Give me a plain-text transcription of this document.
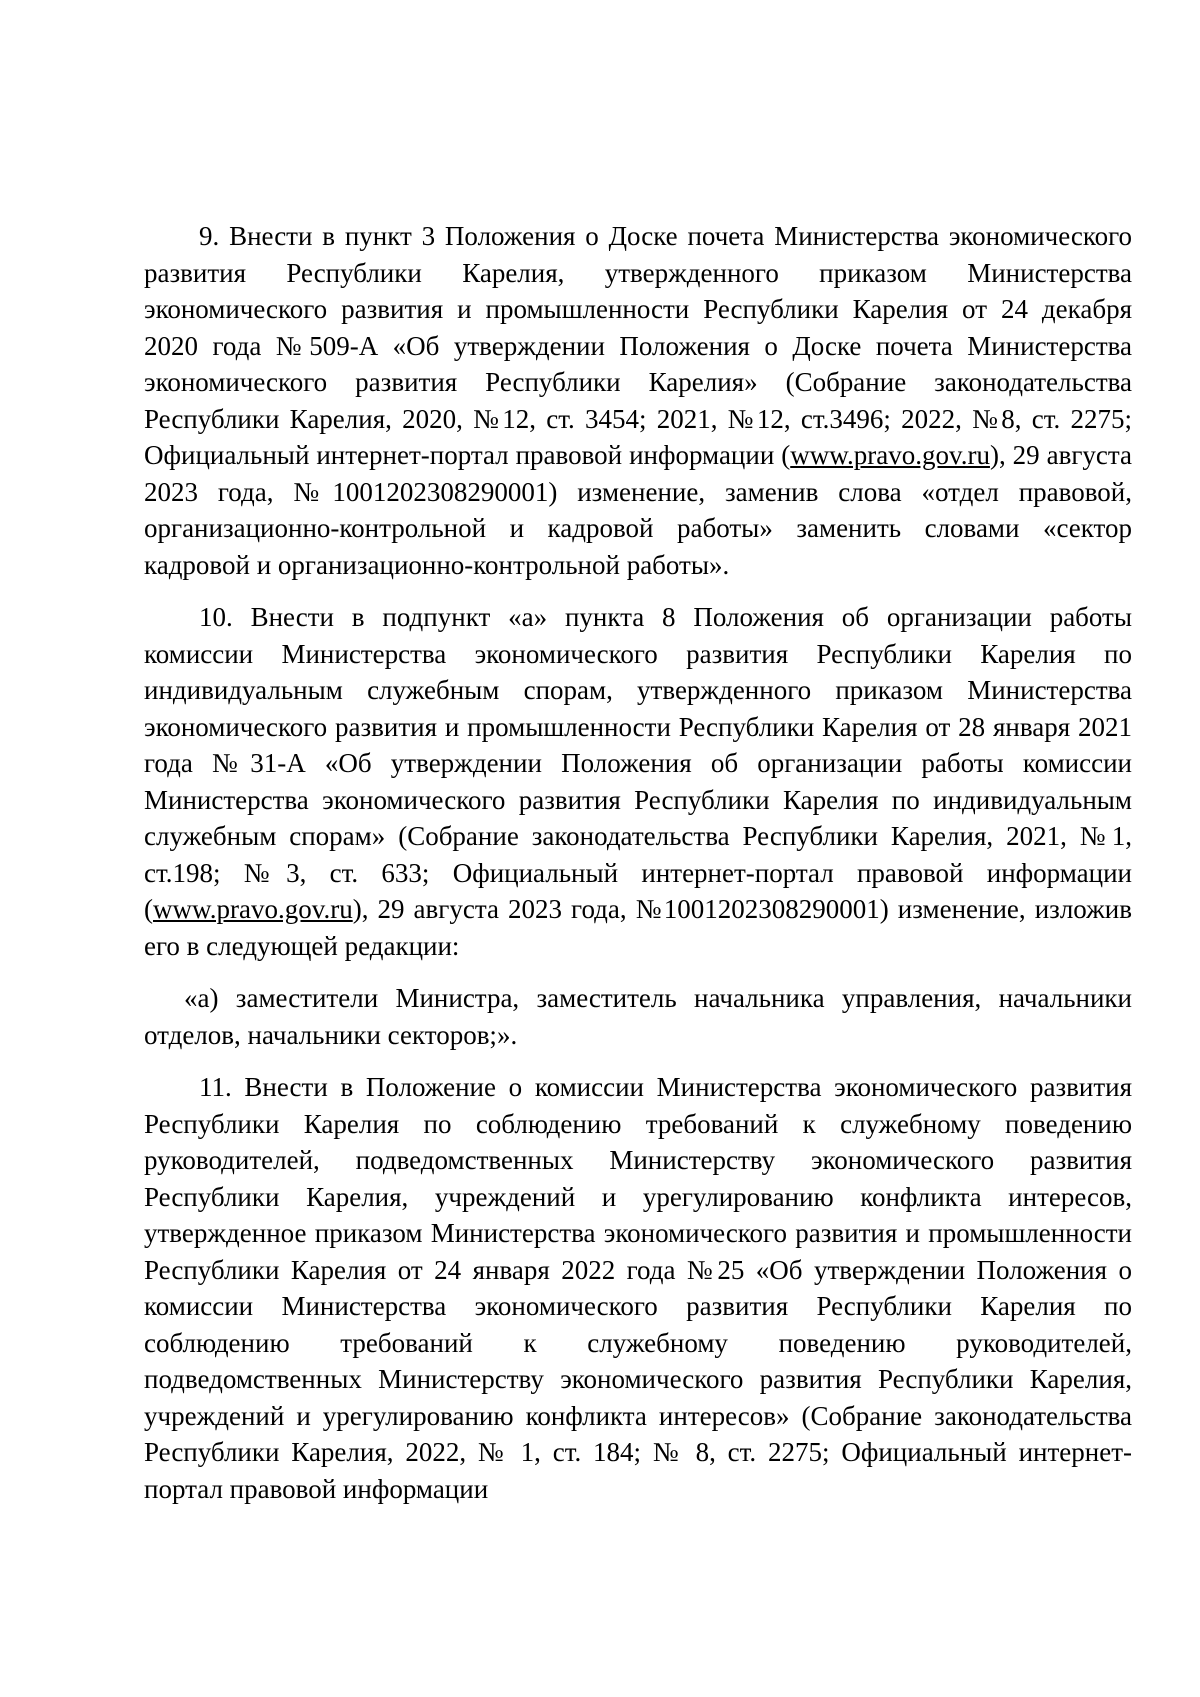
9. Внести в пункт 3 Положения о Доске почета Министерства экономического развития Республики Карелия, утвержденного приказом Министерства экономического развития и промышленности Республики Карелия от 24 декабря 2020 года №509-А «Об утверждении Положения о Доске почета Министерства экономического развития Республики Карелия» (Собрание законодательства Республики Карелия, 2020, №12, ст. 3454; 2021, №12, ст.3496; 2022, №8, ст. 2275; Официальный интернет-портал правовой информации (www.pravo.gov.ru), 29 августа 2023 года, №1001202308290001) изменение, заменив слова «отдел правовой, организационно-контрольной и кадровой работы» заменить словами «сектор кадровой и организационно-контрольной работы».

10. Внести в подпункт «а» пункта 8 Положения об организации работы комиссии Министерства экономического развития Республики Карелия по индивидуальным служебным спорам, утвержденного приказом Министерства экономического развития и промышленности Республики Карелия от 28 января 2021 года №31-А «Об утверждении Положения об организации работы комиссии Министерства экономического развития Республики Карелия по индивидуальным служебным спорам» (Собрание законодательства Республики Карелия, 2021, №1, ст.198; №3, ст. 633; Официальный интернет-портал правовой информации (www.pravo.gov.ru), 29 августа 2023 года, №1001202308290001) изменение, изложив его в следующей редакции:

«а) заместители Министра, заместитель начальника управления, начальники отделов, начальники секторов;».

11. Внести в Положение о комиссии Министерства экономического развития Республики Карелия по соблюдению требований к служебному поведению руководителей, подведомственных Министерству экономического развития Республики Карелия, учреждений и урегулированию конфликта интересов, утвержденное приказом Министерства экономического развития и промышленности Республики Карелия от 24 января 2022 года №25 «Об утверждении Положения о комиссии Министерства экономического развития Республики Карелия по соблюдению требований к служебному поведению руководителей, подведомственных Министерству экономического развития Республики Карелия, учреждений и урегулированию конфликта интересов» (Собрание законодательства Республики Карелия, 2022, № 1, ст. 184; № 8, ст. 2275; Официальный интернет-портал правовой информации
